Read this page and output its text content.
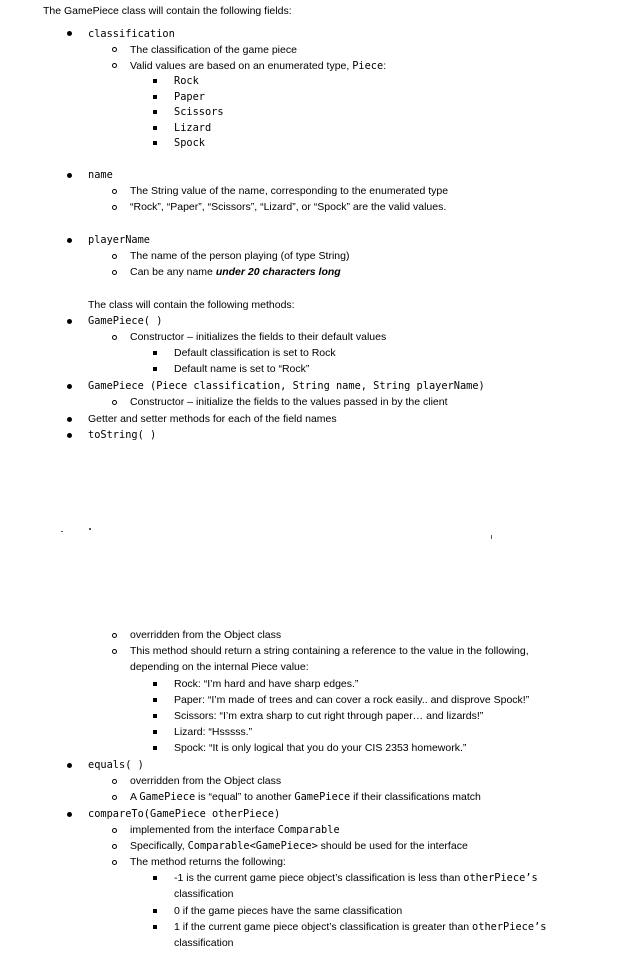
The GamePiece class will contain the following fields:
classification
The classification of the game piece
Valid values are based on an enumerated type, Piece:
Rock
Paper
Scissors
Lizard
Spock
name
The String value of the name, corresponding to the enumerated type
“Rock”, “Paper”, “Scissors”, “Lizard”, or “Spock” are the valid values.
playerName
The name of the person playing (of type String)
Can be any name under 20 characters long
The class will contain the following methods:
GamePiece( )
Constructor – initializes the fields to their default values
Default classification is set to Rock
Default name is set to “Rock”
GamePiece (Piece classification, String name, String playerName)
Constructor – initialize the fields to the values passed in by the client
Getter and setter methods for each of the field names
toString( )
overridden from the Object class
This method should return a string containing a reference to the value in the following,
depending on the internal Piece value:
Rock: “I’m hard and have sharp edges.”
Paper: “I’m made of trees and can cover a rock easily.. and disprove Spock!”
Scissors: “I’m extra sharp to cut right through paper… and lizards!”
Lizard: “Hsssss.”
Spock: “It is only logical that you do your CIS 2353 homework.”
equals( )
overridden from the Object class
A GamePiece is “equal” to another GamePiece if their classifications match
compareTo(GamePiece otherPiece)
implemented from the interface Comparable
Specifically, Comparable<GamePiece> should be used for the interface
The method returns the following:
-1 is the current game piece object’s classification is less than otherPiece’s
classification
0 if the game pieces have the same classification
1 if the current game piece object’s classification is greater than otherPiece’s
classification
